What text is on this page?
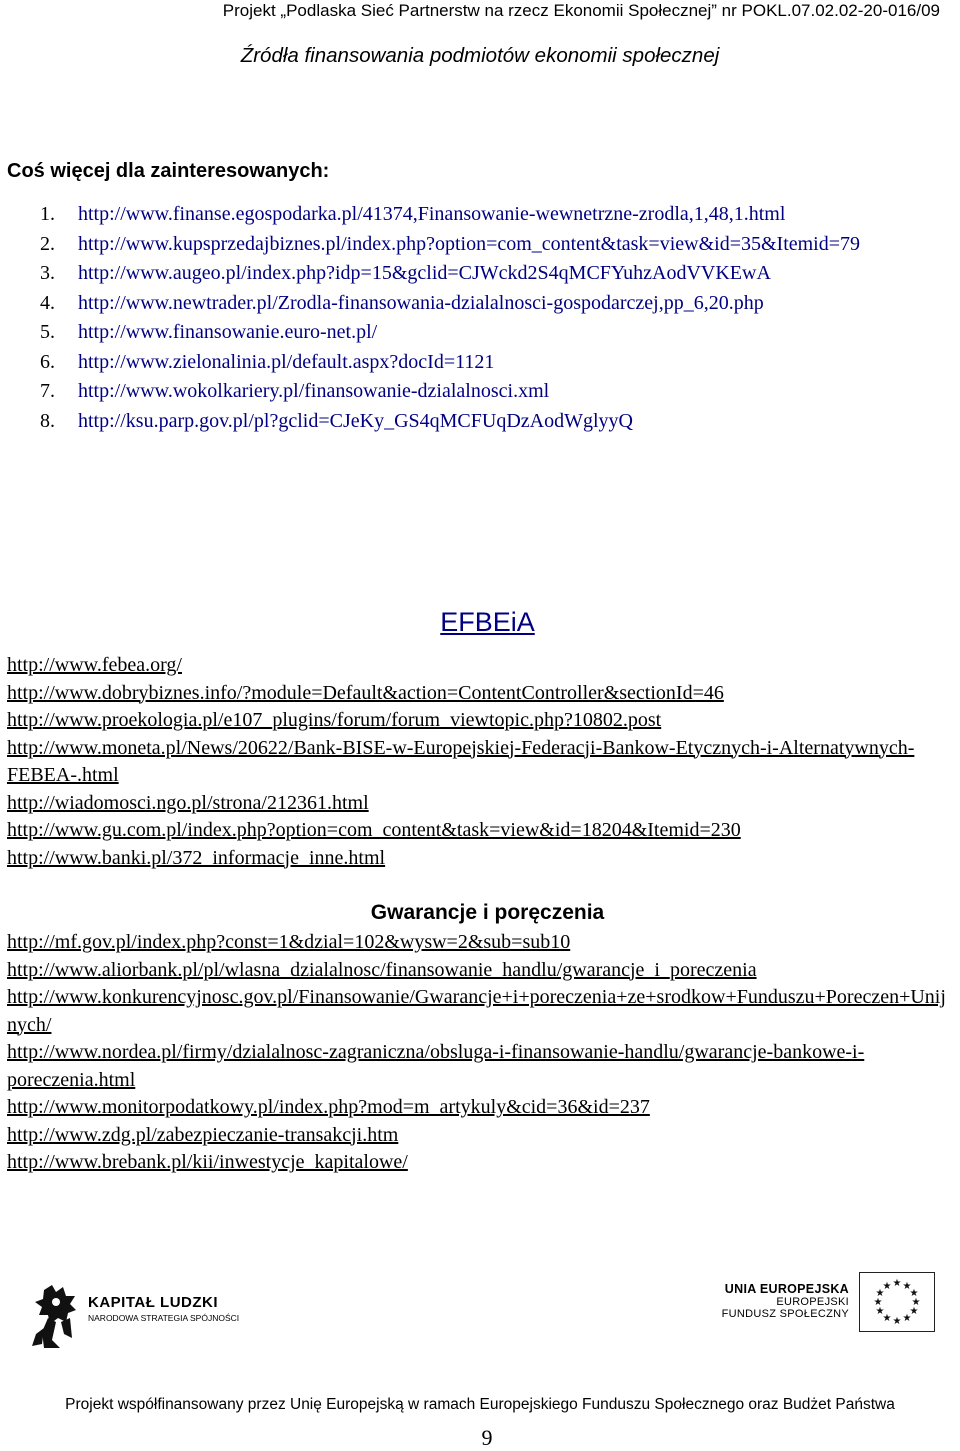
Projekt „Podlaska Sieć Partnerstw na rzecz Ekonomii Społecznej” nr POKL.07.02.02-20-016/09
Źródła finansowania podmiotów ekonomii społecznej
Coś więcej dla zainteresowanych:
1. http://www.finanse.egospodarka.pl/41374,Finansowanie-wewnetrzne-zrodla,1,48,1.html
2. http://www.kupsprzedajbiznes.pl/index.php?option=com_content&task=view&id=35&Itemid=79
3. http://www.augeo.pl/index.php?idp=15&gclid=CJWckd2S4qMCFYuhzAodVVKEwA
4. http://www.newtrader.pl/Zrodla-finansowania-dzialalnosci-gospodarczej,pp_6,20.php
5. http://www.finansowanie.euro-net.pl/
6. http://www.zielonalinia.pl/default.aspx?docId=1121
7. http://www.wokolkariery.pl/finansowanie-dzialalnosci.xml
8. http://ksu.parp.gov.pl/pl?gclid=CJeKy_GS4qMCFUqDzAodWglyyQ
EFBEiA
http://www.febea.org/
http://www.dobrybiznes.info/?module=Default&action=ContentController&sectionId=46
http://www.proekologia.pl/e107_plugins/forum/forum_viewtopic.php?10802.post
http://www.moneta.pl/News/20622/Bank-BISE-w-Europejskiej-Federacji-Bankow-Etycznych-i-Alternatywnych-FEBEA-.html
http://wiadomosci.ngo.pl/strona/212361.html
http://www.gu.com.pl/index.php?option=com_content&task=view&id=18204&Itemid=230
http://www.banki.pl/372_informacje_inne.html
Gwarancje i poręczenia
http://mf.gov.pl/index.php?const=1&dzial=102&wysw=2&sub=sub10
http://www.aliorbank.pl/pl/wlasna_dzialalnosc/finansowanie_handlu/gwarancje_i_poreczenia
http://www.konkurencyjnosc.gov.pl/Finansowanie/Gwarancje+i+poreczenia+ze+srodkow+Funduszu+Poreczen+Unijnych/
http://www.nordea.pl/firmy/dzialalnosc-zagraniczna/obsluga-i-finansowanie-handlu/gwarancje-bankowe-i-poreczenia.html
http://www.monitorpodatkowy.pl/index.php?mod=m_artykuly&cid=36&id=237
http://www.zdg.pl/zabezpieczanie-transakcji.htm
http://www.brebank.pl/kii/inwestycje_kapitalowe/
KAPITAŁ LUDZKI
NARODOWA STRATEGIA SPÓJNOŚCI
UNIA EUROPEJSKA
EUROPEJSKI
FUNDUSZ SPOŁECZNY
★ ★
★
★
★
★
★
★
★
★
★
★
Projekt współfinansowany przez Unię Europejską w ramach Europejskiego Funduszu Społecznego oraz Budżet Państwa
9
